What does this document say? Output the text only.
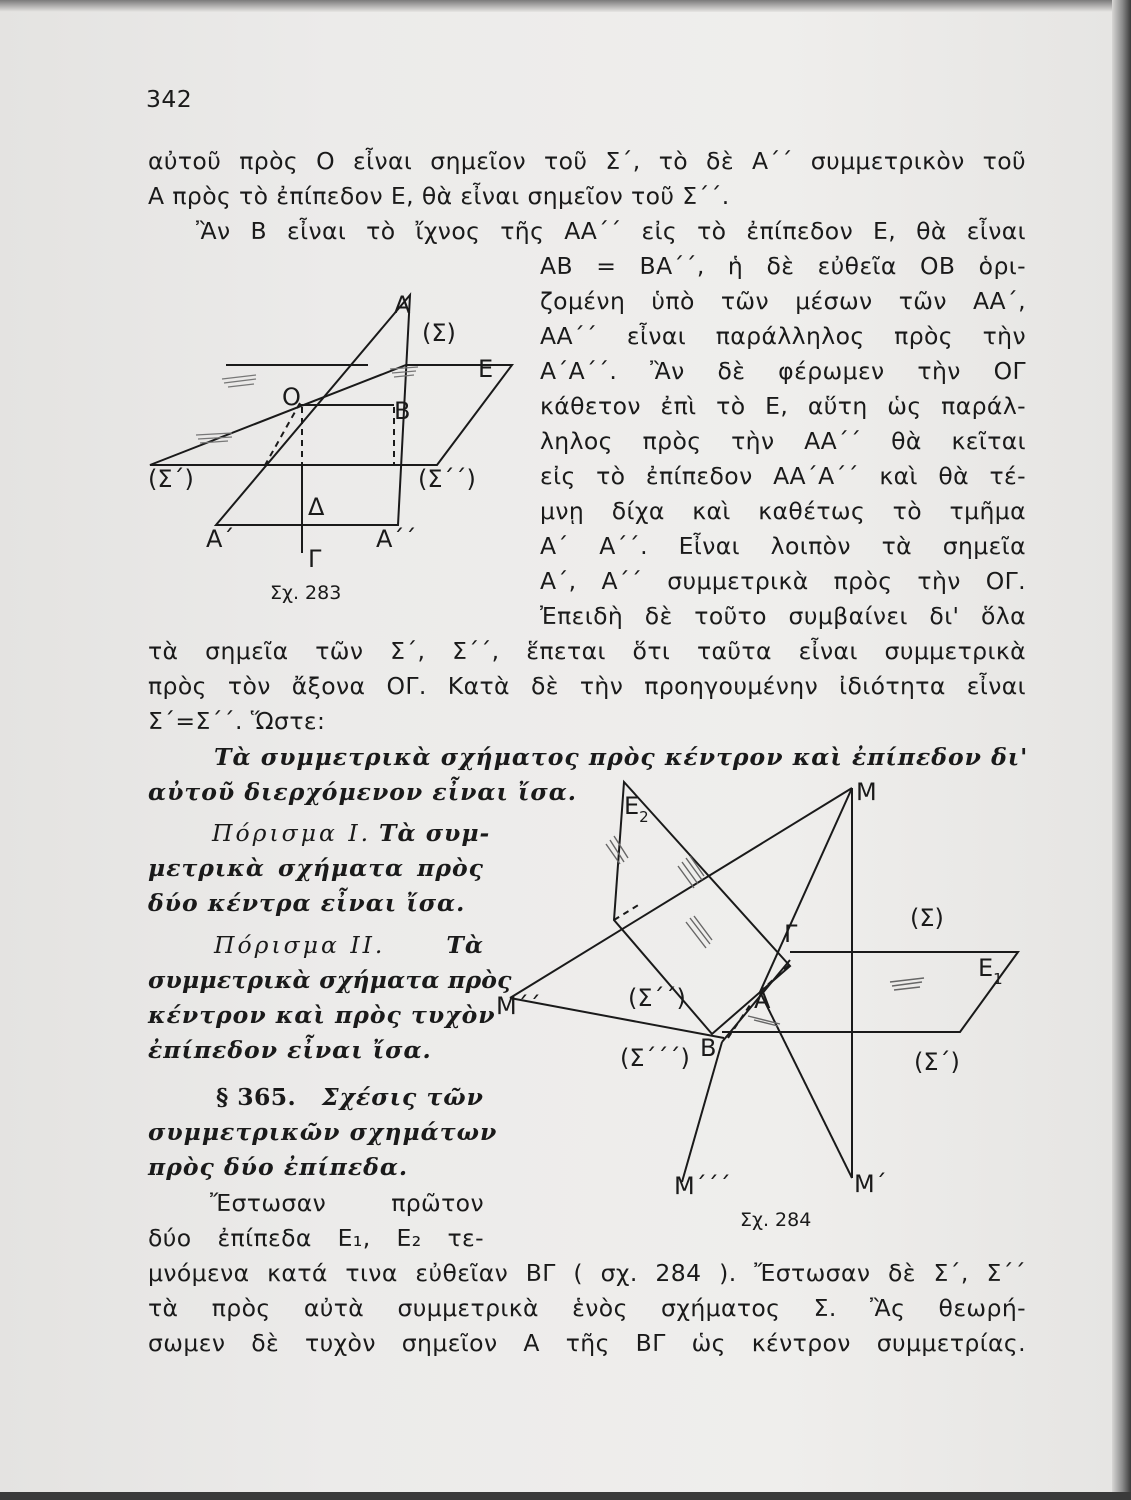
342
αὐτοῦ πρὸς Ο εἶναι σημεῖον τοῦ Σ΄, τὸ δὲ Α΄΄ συμμετρικὸν τοῦ
Α πρὸς τὸ ἐπίπεδον Ε, θὰ εἶναι σημεῖον τοῦ Σ΄΄.
Ἂν Β εἶναι τὸ ἴχνος τῆς ΑΑ΄΄ εἰς τὸ ἐπίπεδον Ε, θὰ εἶναι
ΑΒ = ΒΑ΄΄, ἡ δὲ εὐθεῖα ΟΒ ὁρι-
ζομένη ὑπὸ τῶν μέσων τῶν ΑΑ΄,
ΑΑ΄΄ εἶναι παράλληλος πρὸς τὴν
Α΄Α΄΄. Ἂν δὲ φέρωμεν τὴν ΟΓ
κάθετον ἐπὶ τὸ Ε, αὕτη ὡς παράλ-
ληλος πρὸς τὴν ΑΑ΄΄ θὰ κεῖται
εἰς τὸ ἐπίπεδον ΑΑ΄Α΄΄ καὶ θὰ τέ-
μνῃ δίχα καὶ καθέτως τὸ τμῆμα
Α΄ Α΄΄. Εἶναι λοιπὸν τὰ σημεῖα
Α΄, Α΄΄ συμμετρικὰ πρὸς τὴν ΟΓ.
Ἐπειδὴ δὲ τοῦτο συμβαίνει δι' ὅλα
τὰ σημεῖα τῶν Σ΄, Σ΄΄, ἕπεται ὅτι ταῦτα εἶναι συμμετρικὰ
πρὸς τὸν ἄξονα ΟΓ. Κατὰ δὲ τὴν προηγουμένην ἰδιότητα εἶναι
Σ΄=Σ΄΄. Ὥστε:
Τὰ συμμετρικὰ σχήματος πρὸς κέντρον καὶ ἐπίπεδον δι'
αὐτοῦ διερχόμενον εἶναι ἴσα.
Πόρισμα Ι. Τὰ συμ-
μετρικὰ σχήματα πρὸς
δύο κέντρα εἶναι ἴσα.
Πόρισμα ΙΙ.	Τὰ
συμμετρικὰ σχήματα πρὸς
κέντρον καὶ πρὸς τυχὸν
ἐπίπεδον εἶναι ἴσα.
§ 365. Σχέσις τῶν
συμμετρικῶν σχημάτων
πρὸς δύο ἐπίπεδα.
Ἔστωσαν πρῶτον
δύο ἐπίπεδα Ε₁, Ε₂ τε-
μνόμενα κατά τινα εὐθεῖαν ΒΓ ( σχ. 284 ). Ἔστωσαν δὲ Σ΄, Σ΄΄
τὰ πρὸς αὐτὰ συμμετρικὰ ἑνὸς σχήματος Σ. Ἂς θεωρή-
σωμεν δὲ τυχὸν σημεῖον Α τῆς ΒΓ ὡς κέντρον συμμετρίας.
Α
(Σ)
Ε
Ο	Β
(Σ΄)	(Σ΄΄)
Δ
Α΄	Α΄΄
Γ
Σχ. 283
$E_2$
Μ
(Σ)
Γ
$E_1$
Μ΄΄	(Σ΄΄)	Α
(Σ΄΄΄) Β	(Σ΄)
Μ΄΄΄	Μ΄
Σχ. 284
